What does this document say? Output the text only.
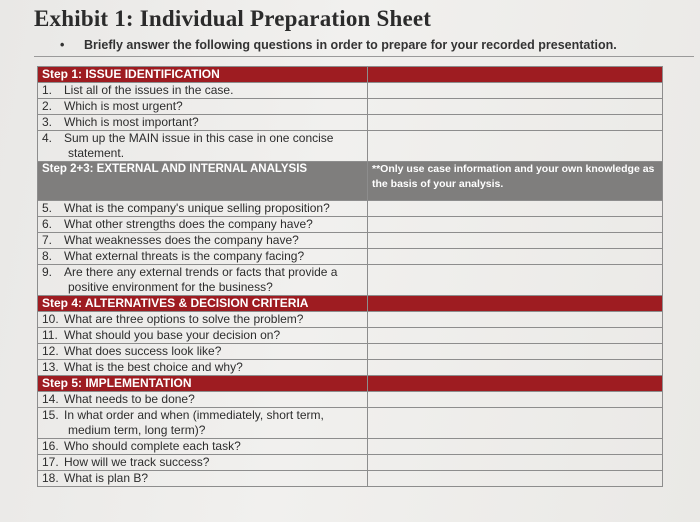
Exhibit 1: Individual Preparation Sheet
• Briefly answer the following questions in order to prepare for your recorded presentation.
Step 1: ISSUE IDENTIFICATION	
1. List all of the issues in the case.	
2. Which is most urgent?	
3. Which is most important?	
4. Sum up the MAIN issue in this case in one concise
statement.	

Step 2+3: EXTERNAL AND INTERNAL ANALYSIS	**Only use case information and your own knowledge as the basis of your analysis.
5. What is the company's unique selling proposition?	
6. What other strengths does the company have?	
7. What weaknesses does the company have?	
8. What external threats is the company facing?	
9. Are there any external trends or facts that provide a
positive environment for the business?	

Step 4: ALTERNATIVES & DECISION CRITERIA	
10. What are three options to solve the problem?	
11. What should you base your decision on?	
12. What does success look like?	
13. What is the best choice and why?	
Step 5: IMPLEMENTATION	
14. What needs to be done?	
15. In what order and when (immediately, short term,
medium term, long term)?	

16. Who should complete each task?	
17. How will we track success?	
18. What is plan B?	
